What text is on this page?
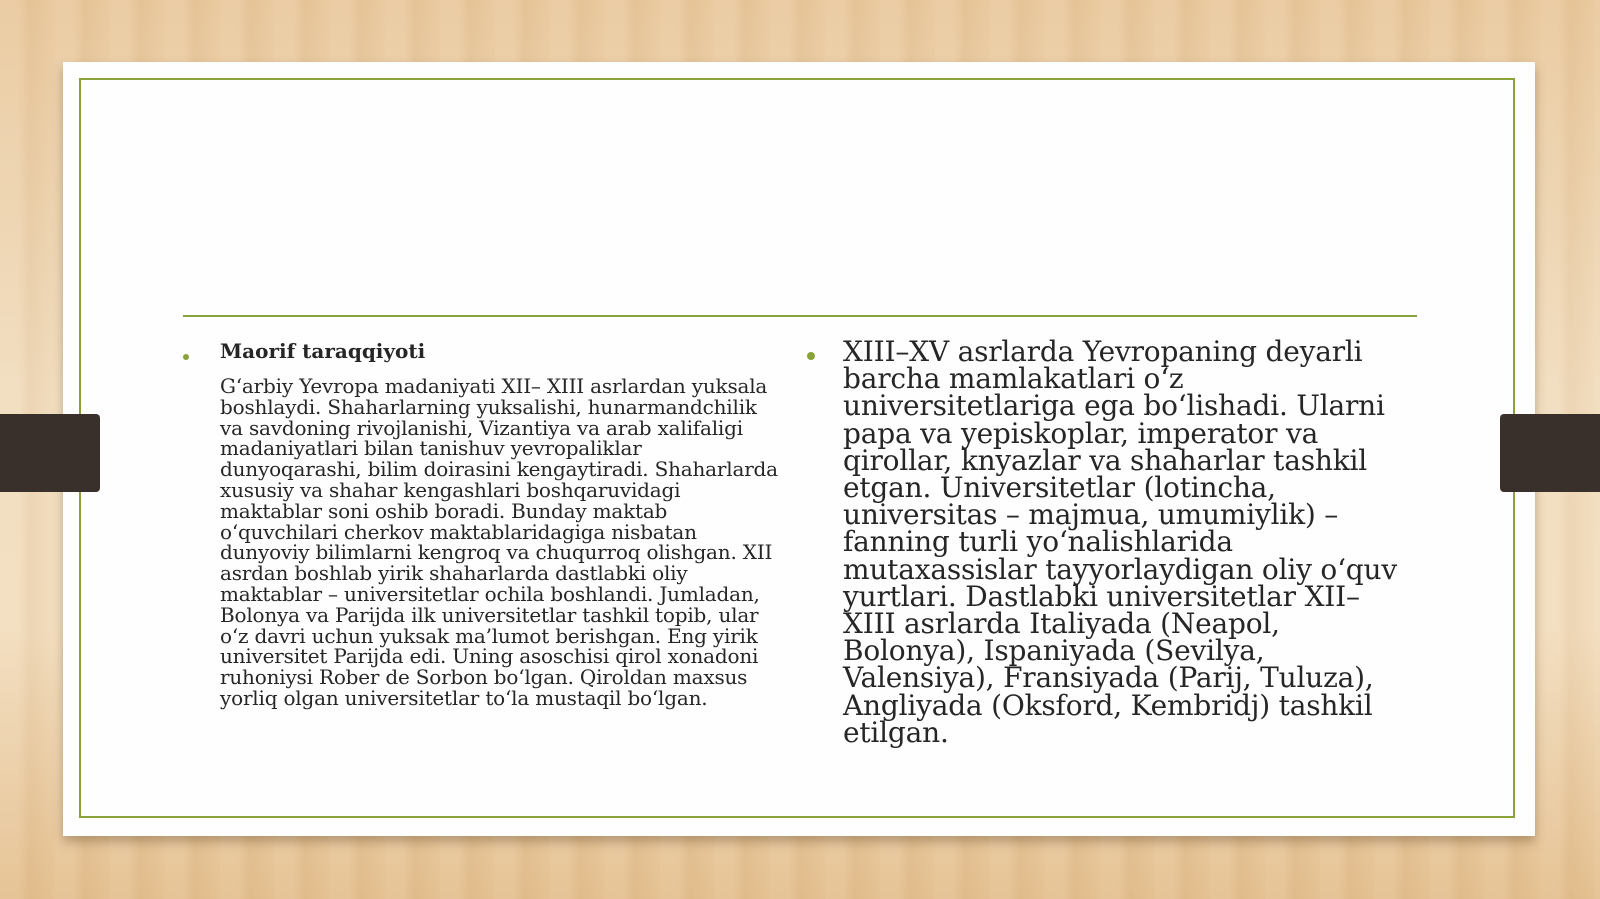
Maorif taraqqiyoti

G‘arbiy Yevropa madaniyati XII– XIII asrlardan yuksala boshlaydi. Shaharlarning yuksalishi, hunarmandchilik va savdoning rivojlanishi, Vizantiya va arab xalifaligi madaniyatlari bilan tanishuv yevropaliklar dunyoqarashi, bilim doirasini kengaytiradi. Shaharlarda xususiy va shahar kengashlari boshqaruvidagi maktablar soni oshib boradi. Bunday maktab o‘quvchilari cherkov maktablaridagiga nisbatan dunyoviy bilimlarni kengroq va chuqurroq olishgan. XII asrdan boshlab yirik shaharlarda dastlabki oliy maktablar – universitetlar ochila boshlandi. Jumladan, Bolonya va Parijda ilk universitetlar tashkil topib, ular o‘z davri uchun yuksak ma’lumot berishgan. Eng yirik universitet Parijda edi. Uning asoschisi qirol xonadoni ruhoniysi Rober de Sorbon bo‘lgan. Qiroldan maxsus yorliq olgan universitetlar to‘la mustaqil bo‘lgan.

XIII–XV asrlarda Yevropaning deyarli barcha mamlakatlari o‘z universitetlariga ega bo‘lishadi. Ularni papa va yepiskoplar, imperator va qirollar, knyazlar va shaharlar tashkil etgan. Universitetlar (lotincha, universitas – majmua, umumiylik) – fanning turli yo‘nalishlarida mutaxassislar tayyorlaydigan oliy o‘quv yurtlari. Dastlabki universitetlar XII–XIII asrlarda Italiyada (Neapol, Bolonya), Ispaniyada (Sevilya, Valensiya), Fransiyada (Parij, Tuluza), Angliyada (Oksford, Kembridj) tashkil etilgan.
